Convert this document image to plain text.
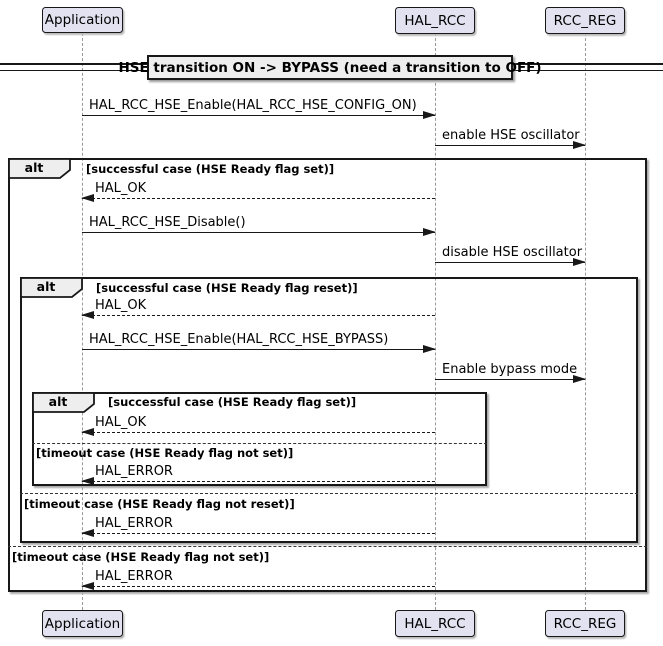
HSE transition ON -> BYPASS (need a transition to OFF)
Application	HAL_RCC	RCC_REG
Application	HAL_RCC	RCC_REG
alt	[successful case (HSE Ready flag set)]
[timeout case (HSE Ready flag not set)]
alt	[successful case (HSE Ready flag reset)]
[timeout case (HSE Ready flag not reset)]
alt	[successful case (HSE Ready flag set)]
[timeout case (HSE Ready flag not set)]
HAL_RCC_HSE_Enable(HAL_RCC_HSE_CONFIG_ON)
enable HSE oscillator
HAL_OK
HAL_RCC_HSE_Disable()
disable HSE oscillator
HAL_OK
HAL_RCC_HSE_Enable(HAL_RCC_HSE_BYPASS)
Enable bypass mode
HAL_OK
HAL_ERROR
HAL_ERROR
HAL_ERROR
